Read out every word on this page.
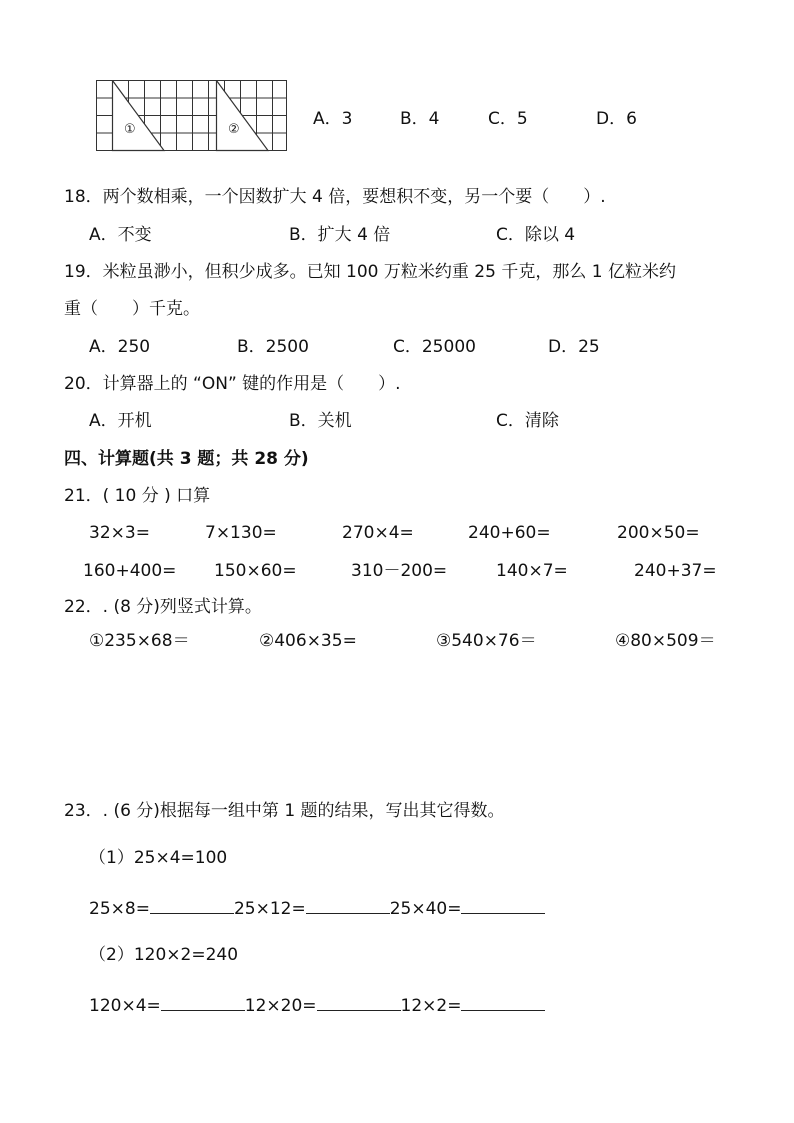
①	②
A．3	B．4	C．5	D．6
18．两个数相乘，一个因数扩大 4 倍，要想积不变，另一个要（　　）.
A．不变	B．扩大 4 倍	C．除以 4
19．米粒虽渺小，但积少成多。已知 100 万粒米约重 25 千克，那么 1 亿粒米约
重（　　）千克。
A．250	B．2500	C．25000	D．25
20．计算器上的 “ON” 键的作用是（　　）.
A．开机	B．关机	C．清除
四、计算题(共 3 题；共 28 分)
21．( 10 分 ) 口算
32×3=	7×130=	270×4=	240+60=	200×50=
160+400= 150×60=	310－200=	140×7=	240+37=
22．. (8 分)列竖式计算。
①235×68＝	②406×35=	③540×76＝	④80×509＝
23．. (6 分)根据每一组中第 1 题的结果，写出其它得数。
（1）25×4=100
25×8=	25×12=	25×40=
（2）120×2=240
120×4=	12×20=	12×2=
